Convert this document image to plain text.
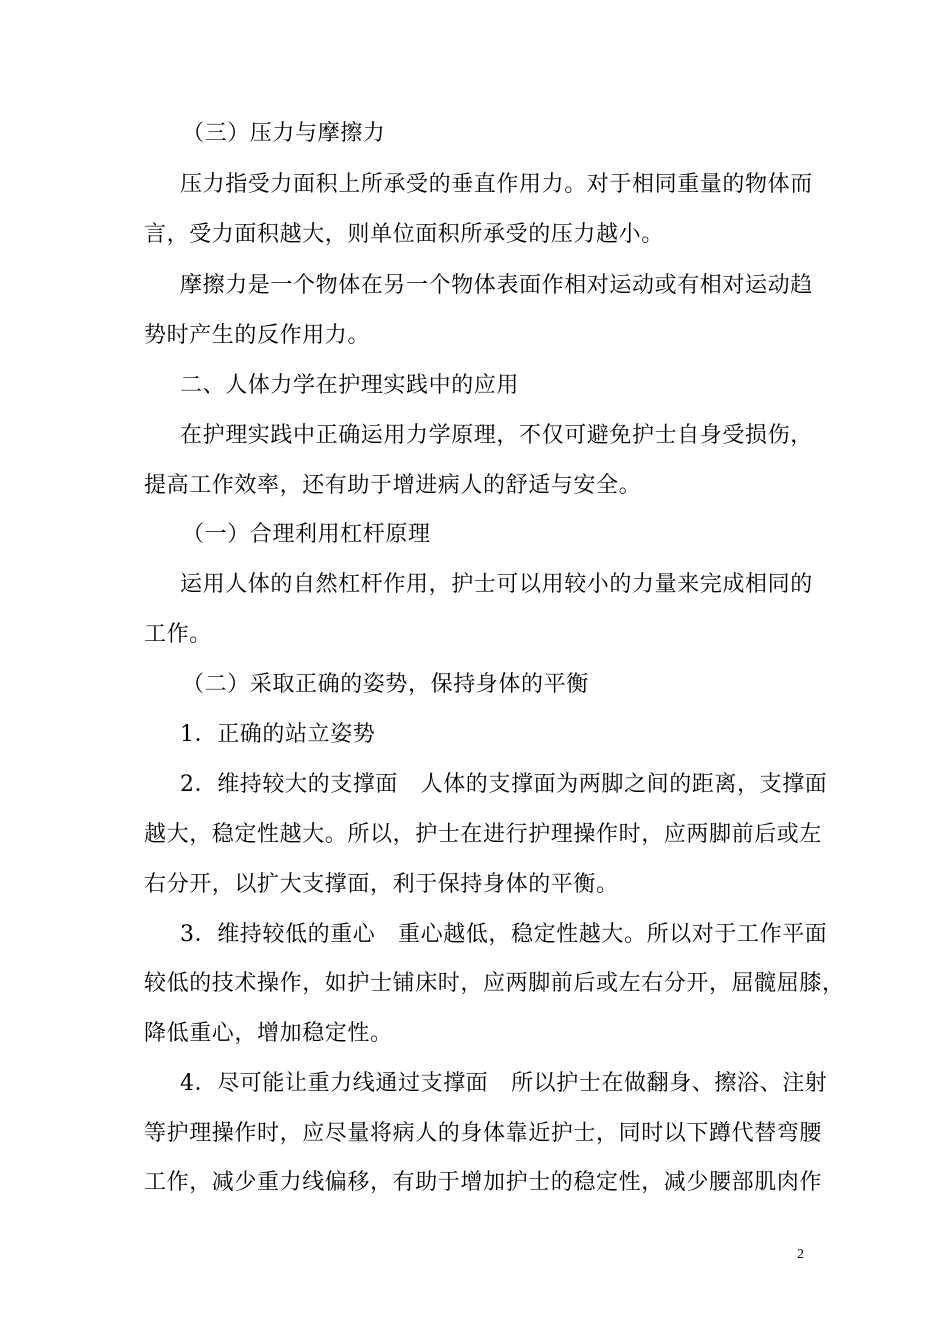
（三）压力与摩擦力
压力指受力面积上所承受的垂直作用力。对于相同重量的物体而
言，受力面积越大，则单位面积所承受的压力越小。
摩擦力是一个物体在另一个物体表面作相对运动或有相对运动趋
势时产生的反作用力。
二、人体力学在护理实践中的应用
在护理实践中正确运用力学原理，不仅可避免护士自身受损伤，
提高工作效率，还有助于增进病人的舒适与安全。
（一）合理利用杠杆原理
运用人体的自然杠杆作用，护士可以用较小的力量来完成相同的
工作。
（二）采取正确的姿势，保持身体的平衡
1．正确的站立姿势
2．维持较大的支撑面　人体的支撑面为两脚之间的距离，支撑面
越大，稳定性越大。所以，护士在进行护理操作时，应两脚前后或左
右分开，以扩大支撑面，利于保持身体的平衡。
3．维持较低的重心　重心越低，稳定性越大。所以对于工作平面
较低的技术操作，如护士铺床时，应两脚前后或左右分开，屈髋屈膝，
降低重心，增加稳定性。
4．尽可能让重力线通过支撑面　所以护士在做翻身、擦浴、注射
等护理操作时，应尽量将病人的身体靠近护士，同时以下蹲代替弯腰
工作，减少重力线偏移，有助于增加护士的稳定性，减少腰部肌肉作
2
